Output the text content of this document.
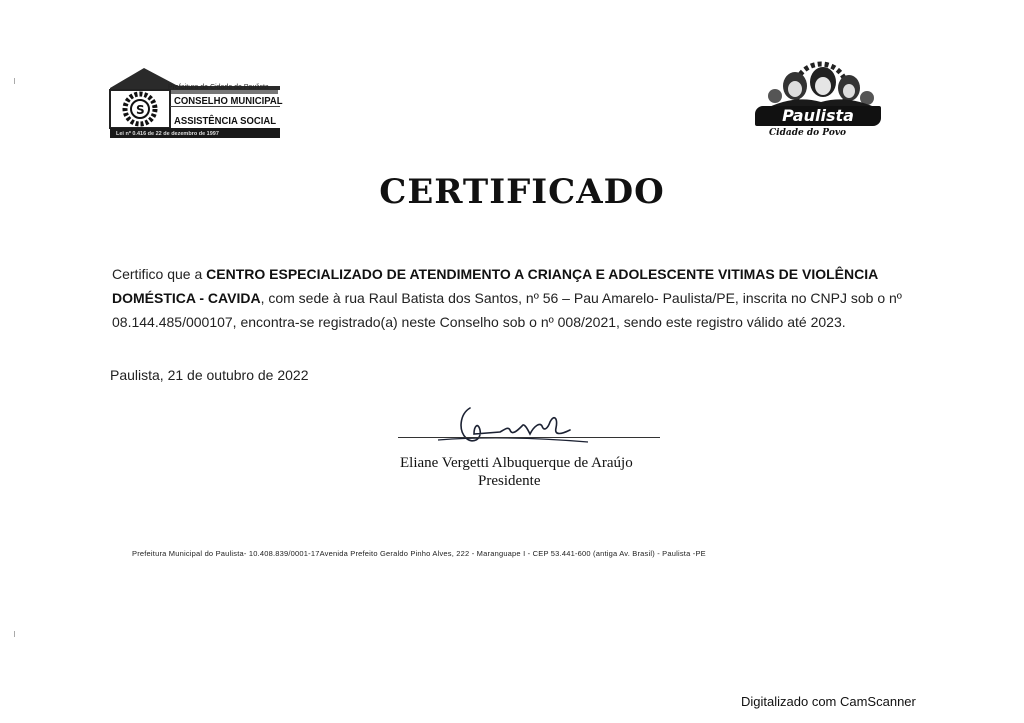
S
Prefeitura da Cidade do Paulista
CONSELHO MUNICIPAL
ASSISTÊNCIA SOCIAL
Lei nº 0.416 de 22 de dezembro de 1997
Paulista
Cidade do Povo
CERTIFICADO
Certifico que a CENTRO ESPECIALIZADO DE ATENDIMENTO A CRIANÇA E ADOLESCENTE VITIMAS DE VIOLÊNCIA DOMÉSTICA - CAVIDA, com sede à rua Raul Batista dos Santos, nº 56 – Pau Amarelo- Paulista/PE, inscrita no CNPJ sob o nº 08.144.485/000107, encontra-se registrado(a) neste Conselho sob o nº 008/2021, sendo este registro válido até 2023.
Paulista, 21 de outubro de 2022
Eliane Vergetti Albuquerque de Araújo
Presidente
Prefeitura Municipal do Paulista- 10.408.839/0001-17Avenida Prefeito Geraldo Pinho Alves, 222 - Maranguape I - CEP 53.441-600 (antiga Av. Brasil) - Paulista -PE
Digitalizado com CamScanner
